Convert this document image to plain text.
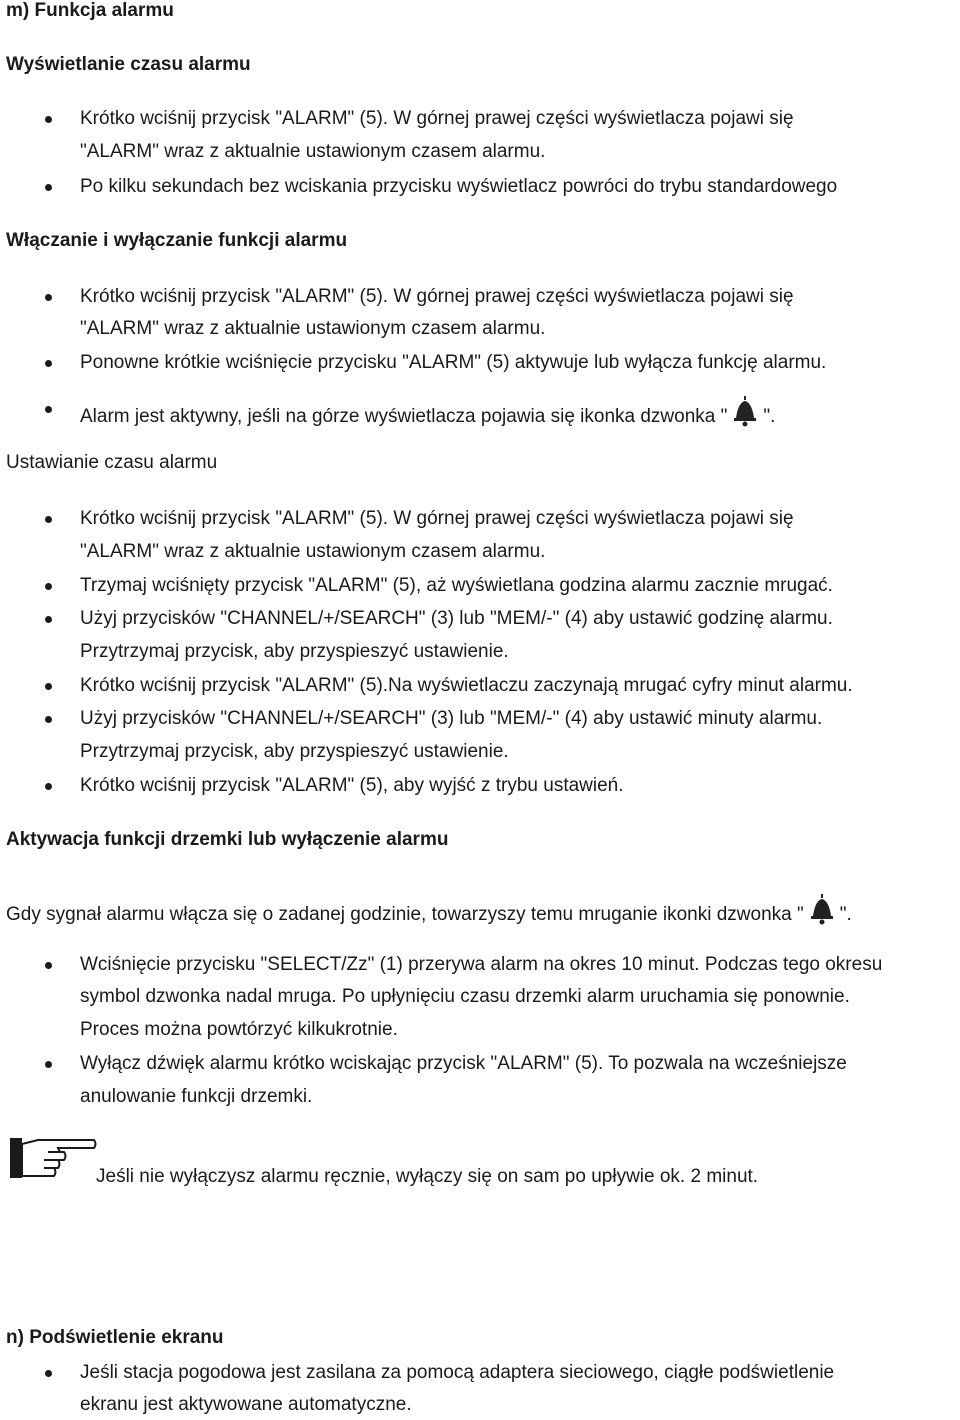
m) Funkcja alarmu
Wyświetlanie czasu alarmu
Krótko wciśnij przycisk "ALARM" (5). W górnej prawej części wyświetlacza pojawi się
"ALARM" wraz z aktualnie ustawionym czasem alarmu.
Po kilku sekundach bez wciskania przycisku wyświetlacz powróci do trybu standardowego
Włączanie i wyłączanie funkcji alarmu
Krótko wciśnij przycisk "ALARM" (5). W górnej prawej części wyświetlacza pojawi się
"ALARM" wraz z aktualnie ustawionym czasem alarmu.
Ponowne krótkie wciśnięcie przycisku "ALARM" (5) aktywuje lub wyłącza funkcję alarmu.
Alarm jest aktywny, jeśli na górze wyświetlacza pojawia się ikonka dzwonka " ".
Ustawianie czasu alarmu
Krótko wciśnij przycisk "ALARM" (5). W górnej prawej części wyświetlacza pojawi się
"ALARM" wraz z aktualnie ustawionym czasem alarmu.
Trzymaj wciśnięty przycisk "ALARM" (5), aż wyświetlana godzina alarmu zacznie mrugać.
Użyj przycisków "CHANNEL/+/SEARCH" (3) lub "MEM/-" (4) aby ustawić godzinę alarmu.
Przytrzymaj przycisk, aby przyspieszyć ustawienie.
Krótko wciśnij przycisk "ALARM" (5).Na wyświetlaczu zaczynają mrugać cyfry minut alarmu.
Użyj przycisków "CHANNEL/+/SEARCH" (3) lub "MEM/-" (4) aby ustawić minuty alarmu.
Przytrzymaj przycisk, aby przyspieszyć ustawienie.
Krótko wciśnij przycisk "ALARM" (5), aby wyjść z trybu ustawień.
Aktywacja funkcji drzemki lub wyłączenie alarmu
Gdy sygnał alarmu włącza się o zadanej godzinie, towarzyszy temu mruganie ikonki dzwonka " ".
Wciśnięcie przycisku "SELECT/Zz" (1) przerywa alarm na okres 10 minut. Podczas tego okresu
symbol dzwonka nadal mruga. Po upłynięciu czasu drzemki alarm uruchamia się ponownie.
Proces można powtórzyć kilkukrotnie.
Wyłącz dźwięk alarmu krótko wciskając przycisk "ALARM" (5). To pozwala na wcześniejsze
anulowanie funkcji drzemki.
Jeśli nie wyłączysz alarmu ręcznie, wyłączy się on sam po upływie ok. 2 minut.
n) Podświetlenie ekranu
Jeśli stacja pogodowa jest zasilana za pomocą adaptera sieciowego, ciągłe podświetlenie
ekranu jest aktywowane automatyczne.
